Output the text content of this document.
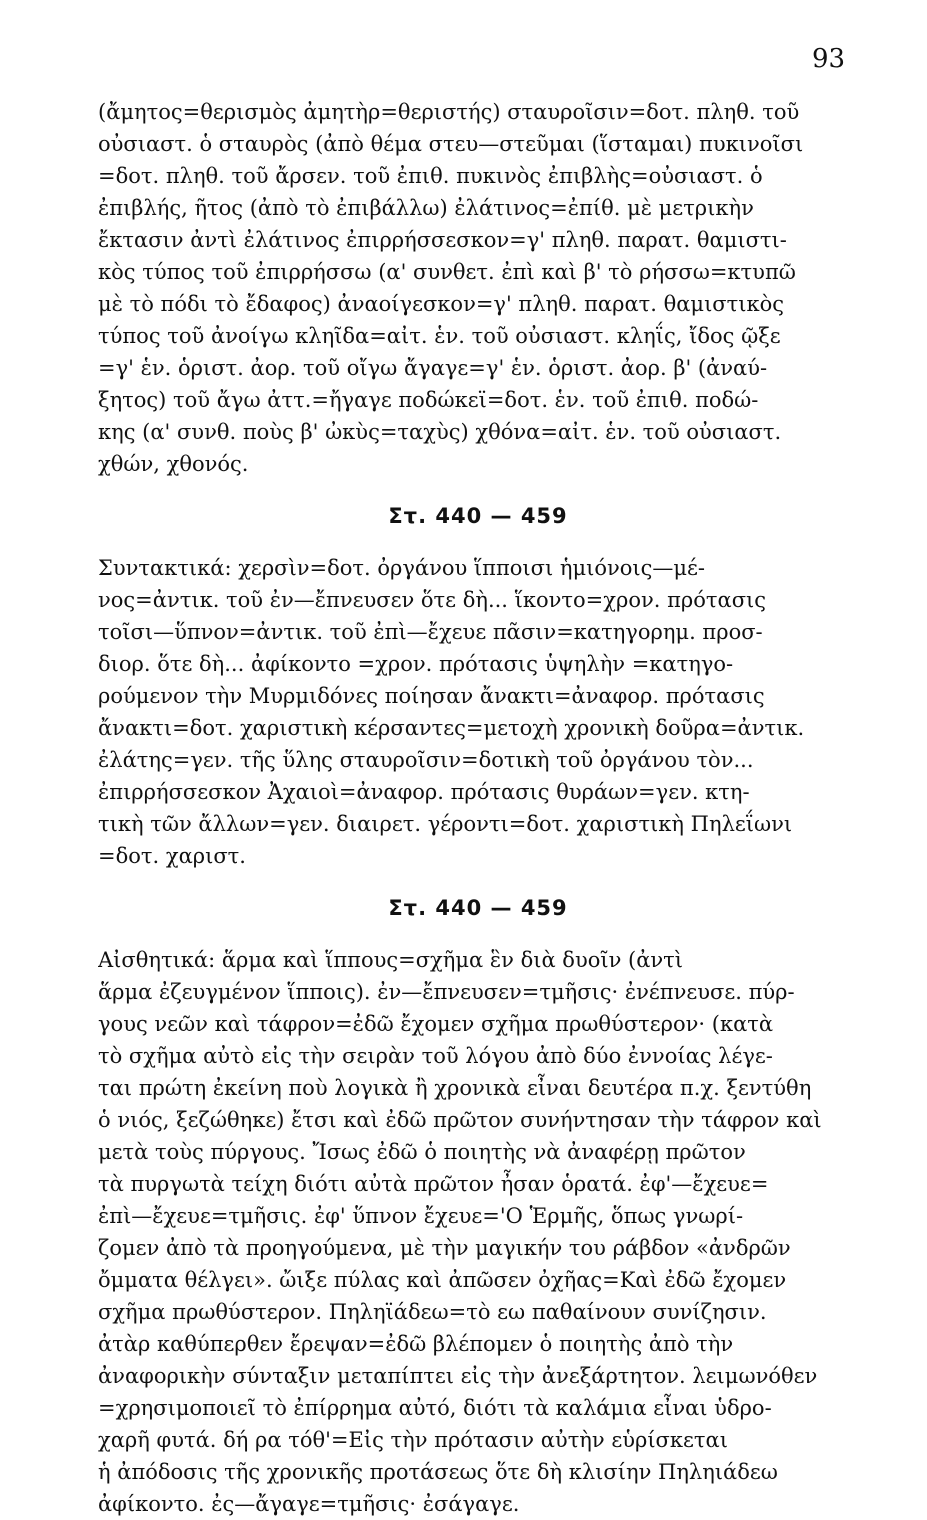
93
(ἄμητος=θερισμὸς ἀμητὴρ=θεριστής) σταυροῖσιν=δοτ. πληθ. τοῦ
οὐσιαστ. ὁ σταυρὸς (ἀπὸ θέμα στευ—στεῦμαι (ἵσταμαι) πυκινοῖσι
=δοτ. πληθ. τοῦ ἄρσεν. τοῦ ἐπιθ. πυκινὸς ἐπιβλὴς=οὐσιαστ. ὁ
ἐπιβλής, ῆτος (ἀπὸ τὸ ἐπιβάλλω) ἐλάτινος=ἐπίθ. μὲ μετρικὴν
ἔκτασιν ἀντὶ ἐλάτινος ἐπιρρήσσεσκον=γ' πληθ. παρατ. θαμιστι-
κὸς τύπος τοῦ ἐπιρρήσσω (α' συνθετ. ἐπὶ καὶ β' τὸ ρήσσω=κτυπῶ
μὲ τὸ πόδι τὸ ἔδαφος) ἀναοίγεσκον=γ' πληθ. παρατ. θαμιστικὸς
τύπος τοῦ ἀνοίγω κληῖδα=αἰτ. ἑν. τοῦ οὐσιαστ. κληΐς, ἴδος ῷξε
=γ' ἑν. ὁριστ. ἀορ. τοῦ οἴγω ἄγαγε=γ' ἑν. ὁριστ. ἀορ. β' (ἀναύ-
ξητος) τοῦ ἄγω ἀττ.=ἤγαγε ποδώκεϊ=δοτ. ἑν. τοῦ ἐπιθ. ποδώ-
κης (α' συνθ. ποὺς β' ὠκὺς=ταχὺς) χθόνα=αἰτ. ἑν. τοῦ οὐσιαστ.
χθών, χθονός.
Στ. 440 — 459
Συντακτικά: χερσὶν=δοτ. ὀργάνου ἵπποισι ἡμιόνοις—μέ-
νος=ἀντικ. τοῦ ἐν—ἔπνευσεν ὅτε δὴ... ἵκοντο=χρον. πρότασις
τοῖσι—ὕπνον=ἀντικ. τοῦ ἐπὶ—ἔχευε πᾶσιν=κατηγορημ. προσ-
διορ. ὅτε δὴ... ἀφίκοντο =χρον. πρότασις ὑψηλὴν =κατηγο-
ρούμενον τὴν Μυρμιδόνες ποίησαν ἄνακτι=ἀναφορ. πρότασις
ἄνακτι=δοτ. χαριστικὴ κέρσαντες=μετοχὴ χρονικὴ δοῦρα=ἀντικ.
ἐλάτης=γεν. τῆς ὕλης σταυροῖσιν=δοτικὴ τοῦ ὀργάνου τὸν...
ἐπιρρήσσεσκον Ἀχαιοὶ=ἀναφορ. πρότασις θυράων=γεν. κτη-
τικὴ τῶν ἄλλων=γεν. διαιρετ. γέροντι=δοτ. χαριστικὴ Πηλεΐωνι
=δοτ. χαριστ.
Στ. 440 — 459
Αἰσθητικά: ἅρμα καὶ ἵππους=σχῆμα ἓν διὰ δυοῖν (ἀντὶ
ἅρμα ἐζευγμένον ἵπποις). ἐν—ἔπνευσεν=τμῆσις· ἐνέπνευσε. πύρ-
γους νεῶν καὶ τάφρον=ἐδῶ ἔχομεν σχῆμα πρωθύστερον· (κατὰ
τὸ σχῆμα αὐτὸ εἰς τὴν σειρὰν τοῦ λόγου ἀπὸ δύο ἐννοίας λέγε-
ται πρώτη ἐκείνη ποὺ λογικὰ ἢ χρονικὰ εἶναι δευτέρα π.χ. ξεντύθη
ὁ νιός, ξεζώθηκε) ἔτσι καὶ ἐδῶ πρῶτον συνήντησαν τὴν τάφρον καὶ
μετὰ τοὺς πύργους. Ἴσως ἐδῶ ὁ ποιητὴς νὰ ἀναφέρῃ πρῶτον
τὰ πυργωτὰ τείχη διότι αὐτὰ πρῶτον ἦσαν ὁρατά. ἐφ'—ἔχευε=
ἐπὶ—ἔχευε=τμῆσις. ἐφ' ὕπνον ἔχευε='Ο Ἑρμῆς, ὅπως γνωρί-
ζομεν ἀπὸ τὰ προηγούμενα, μὲ τὴν μαγικήν του ράβδον «ἀνδρῶν
ὄμματα θέλγει». ὤιξε πύλας καὶ ἀπῶσεν ὀχῆας=Καὶ ἐδῶ ἔχομεν
σχῆμα πρωθύστερον. Πηληϊάδεω=τὸ εω παθαίνουν συνίζησιν.
ἀτὰρ καθύπερθεν ἔρεψαν=ἐδῶ βλέπομεν ὁ ποιητὴς ἀπὸ τὴν
ἀναφορικὴν σύνταξιν μεταπίπτει εἰς τὴν ἀνεξάρτητον. λειμωνόθεν
=χρησιμοποιεῖ τὸ ἐπίρρημα αὐτό, διότι τὰ καλάμια εἶναι ὑδρο-
χαρῆ φυτά. δή ρα τόθ'=Εἰς τὴν πρότασιν αὐτὴν εὑρίσκεται
ἡ ἀπόδοσις τῆς χρονικῆς προτάσεως ὅτε δὴ κλισίην Πηληιάδεω
ἀφίκοντο. ἐς—ἄγαγε=τμῆσις· ἐσάγαγε.
